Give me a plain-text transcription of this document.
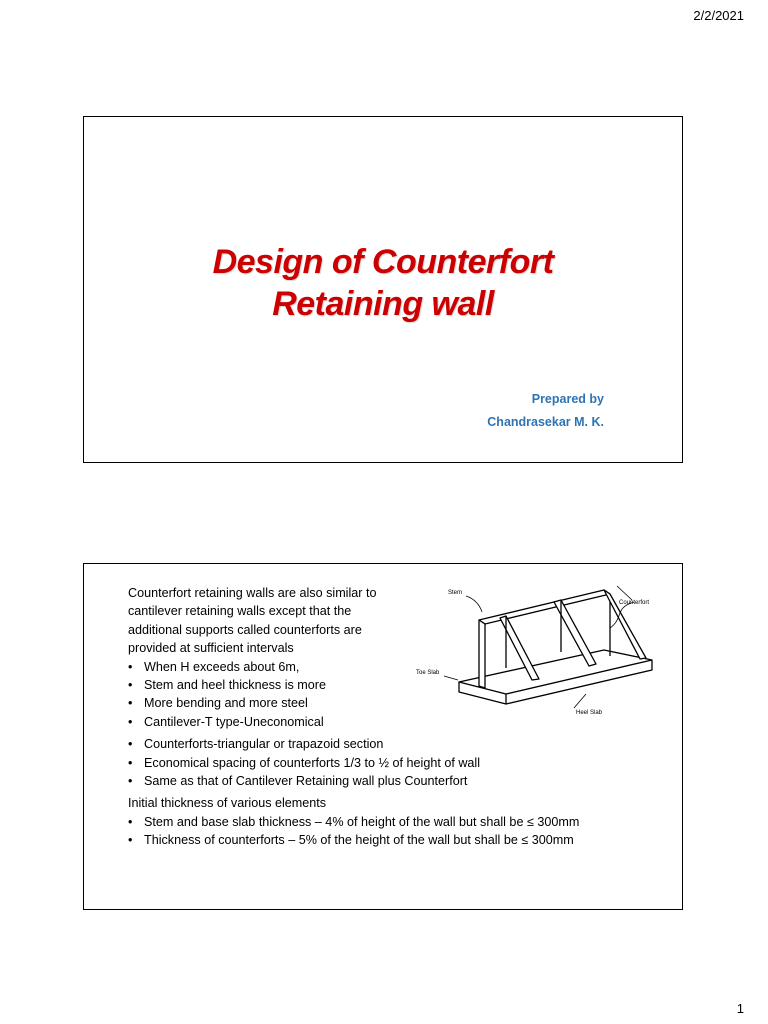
2/2/2021
Design of Counterfort
Retaining wall
Prepared by
Chandrasekar M. K.

Counterfort retaining walls are also similar to

cantilever retaining walls except that the

additional supports called counterforts are

provided at sufficient intervals

• When H exceeds about 6m,
• Stem and heel thickness is more
• More bending and more steel
• Cantilever-T type-Uneconomical
• Counterforts-triangular or trapazoid section
• Economical spacing of counterforts 1/3 to ½ of height of wall
• Same as that of Cantilever Retaining wall plus Counterfort

Initial thickness of various elements

• Stem and base slab thickness – 4% of height of the wall but shall be ≤ 300mm
• Thickness of counterforts – 5% of the height of the wall but shall be ≤ 300mm
Stem
Counterfort
Toe Slab
Heel Slab
1
